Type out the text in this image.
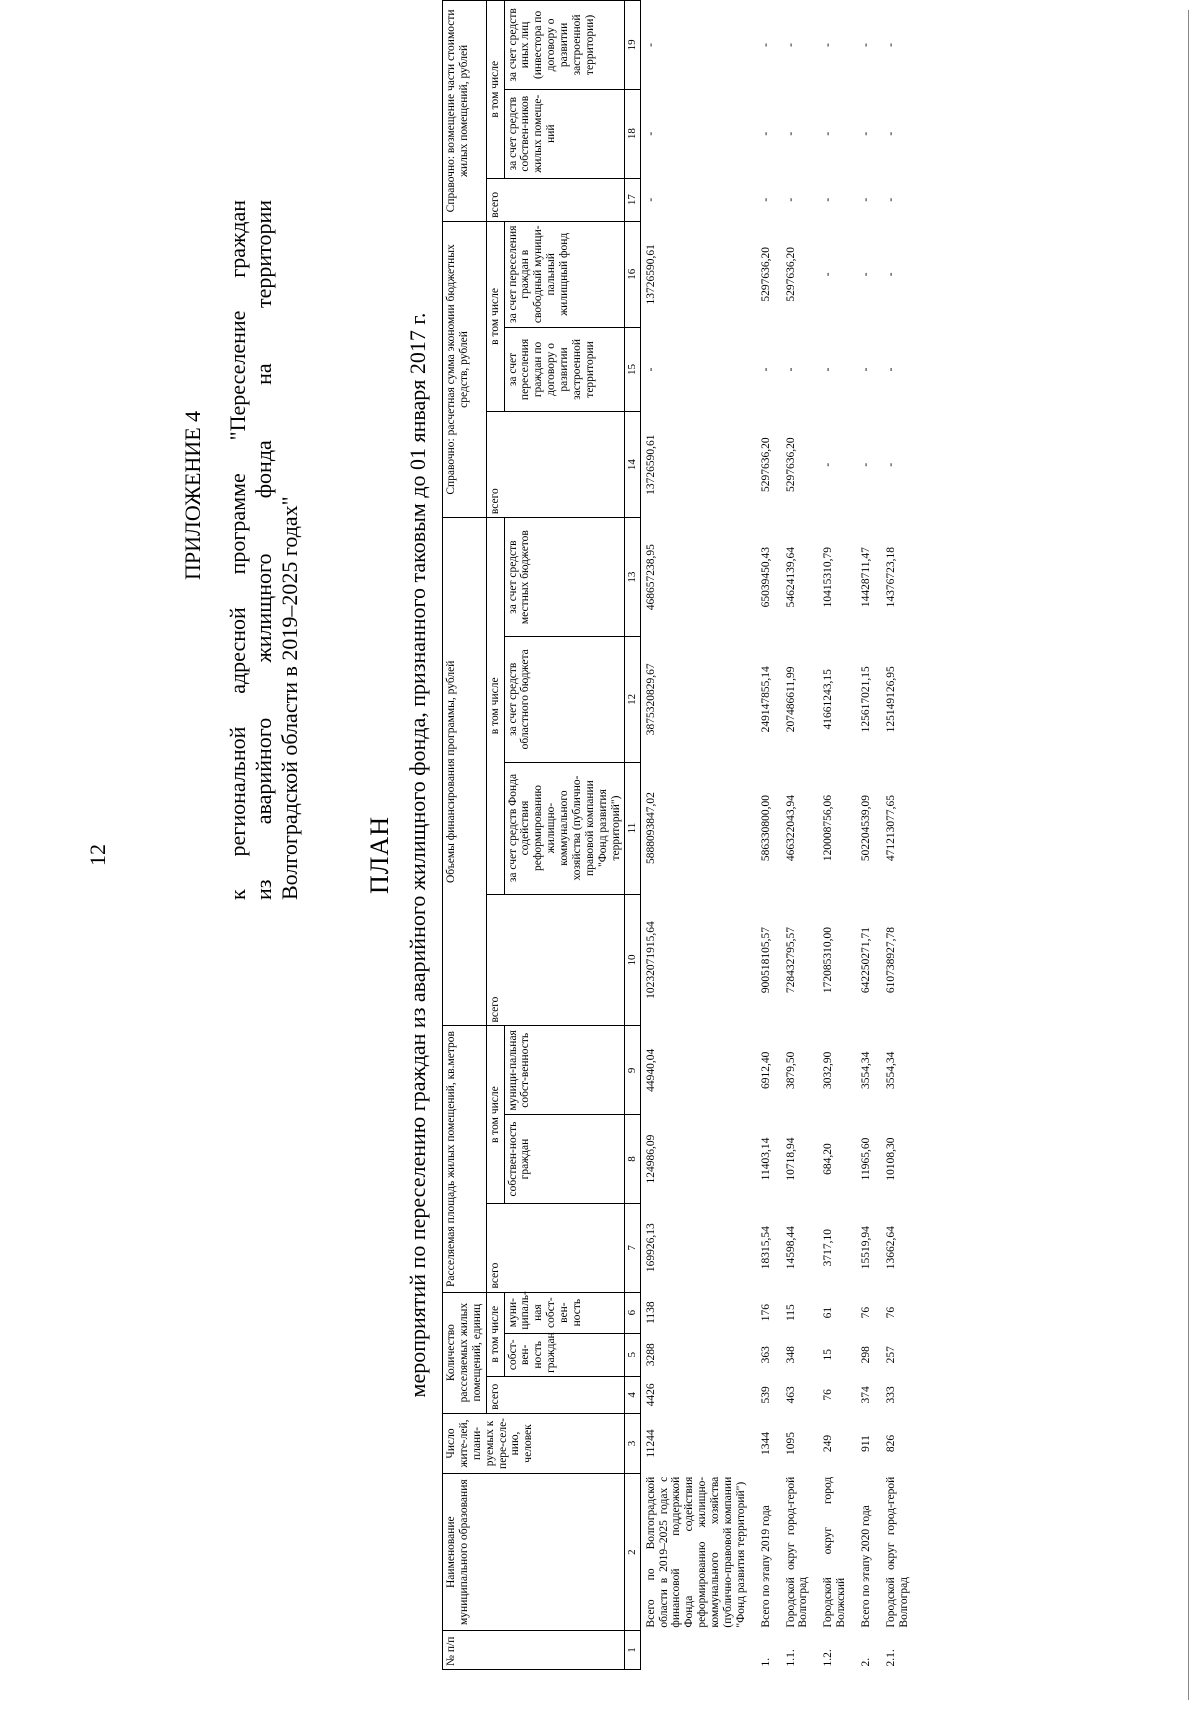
12
ПРИЛОЖЕНИЕ 4 к региональной адресной программе "Переселение граждан из аварийного жилищного фонда на территории Волгоградской области в 2019–2025 годах" ПЛАН мероприятий по переселению граждан из аварийного жилищного фонда, признанного таковым до 01 января 2017 г.
№ п/п	Наименование муниципального образования	Число жите-лей, плани-руемых к пере-селе-нию, человек	Количество расселяемых жилых помещений, единиц			Расселяемая площадь жилых помещений, кв.метров			Объемы финансирования программы, рублей				Справочно: расчетная сумма экономии бюджетных средств, рублей			Справочно: возмещение части стоимости жилых помещений, рублей		
			всего	в том числе		всего	в том числе		всего	в том числе			всего	в том числе		всего	в том числе	
				собст-вен-ность граждан	муни-ципаль-ная собст-вен-ность		собствен-ность граждан	муници-пальная собст-венность		за счет средств Фонда содействия реформированию жилищно-коммунального хозяйства (публично-правовой компании "Фонд развития территорий")	за счет средств областного бюджета	за счет средств местных бюджетов		за счет переселения граждан по договору о развитии застроенной территории	за счет переселения граждан в свободный муници-пальный жилищный фонд		за счет средств собствен-ников жилых помеще-ний	за счет средств иных лиц (инвестора по договору о развитии застроенной территории)
1	2	3	4	5	6	7	8	9	10	11	12	13	14	15	16	17	18	19
	Всего по Волгоградской области в 2019–2025 годах с финансовой поддержкой Фонда содействия реформированию жилищно-коммунального хозяйства (публично-правовой компании "Фонд развития территорий")	11244	4426	3288	1138	169926,13	124986,09	44940,04	10232071915,64	5888093847,02	3875320829,67	468657238,95	13726590,61	-	13726590,61	-	-	-
1.	Всего по этапу 2019 года	1344	539	363	176	18315,54	11403,14	6912,40	900518105,57	586330800,00	249147855,14	65039450,43	5297636,20	-	5297636,20	-	-	-
1.1.	Городской округ город-герой Волгоград	1095	463	348	115	14598,44	10718,94	3879,50	728432795,57	466322043,94	207486611,99	54624139,64	5297636,20	-	5297636,20	-	-	-
1.2.	Городской округ город Волжский	249	76	15	61	3717,10	684,20	3032,90	172085310,00	120008756,06	41661243,15	10415310,79	-	-	-	-	-	-
2.	Всего по этапу 2020 года	911	374	298	76	15519,94	11965,60	3554,34	642250271,71	502204539,09	125617021,15	14428711,47	-	-	-	-	-	-
2.1.	Городской округ город-герой Волгоград	826	333	257	76	13662,64	10108,30	3554,34	610738927,78	471213077,65	125149126,95	14376723,18	-	-	-	-	-	-
